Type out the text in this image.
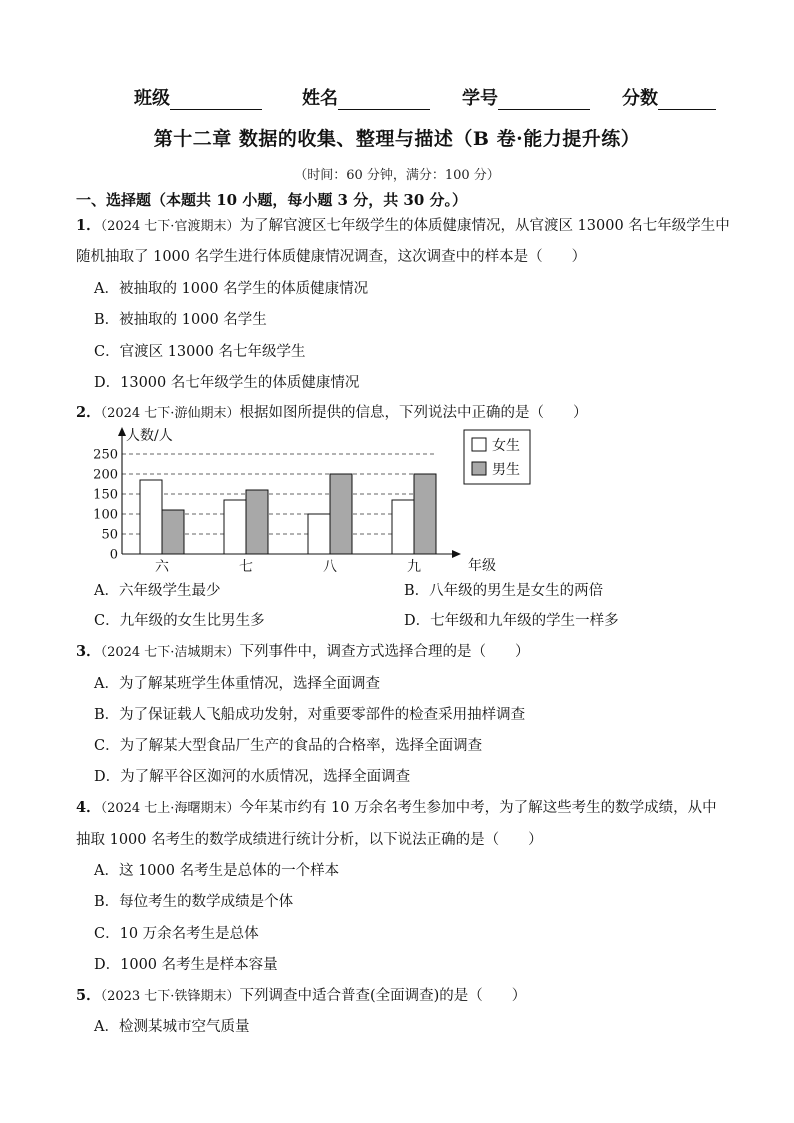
班级	姓名	学号	分数
第十二章 数据的收集、整理与描述（B 卷·能力提升练）
（时间：60 分钟，满分：100 分）
一、选择题（本题共 10 小题，每小题 3 分，共 30 分。）
1．（2024 七下·官渡期末）为了解官渡区七年级学生的体质健康情况，从官渡区 13000 名七年级学生中
随机抽取了 1000 名学生进行体质健康情况调查，这次调查中的样本是（　　）
A．被抽取的 1000 名学生的体质健康情况
B．被抽取的 1000 名学生
C．官渡区 13000 名七年级学生
D．13000 名七年级学生的体质健康情况
2．（2024 七下·游仙期末）根据如图所提供的信息，下列说法中正确的是（　　）
0
50
100
150
200
250
人数/人
年级
六	七	八	九
女生
男生
A．六年级学生最少	B．八年级的男生是女生的两倍
C．九年级的女生比男生多	D．七年级和九年级的学生一样多
3．（2024 七下·洁城期末）下列事件中，调查方式选择合理的是（　　）
A．为了解某班学生体重情况，选择全面调查
B．为了保证载人飞船成功发射，对重要零部件的检查采用抽样调查
C．为了解某大型食品厂生产的食品的合格率，选择全面调查
D．为了解平谷区洳河的水质情况，选择全面调查
4．（2024 七上·海曙期末）今年某市约有 10 万余名考生参加中考，为了解这些考生的数学成绩，从中
抽取 1000 名考生的数学成绩进行统计分析，以下说法正确的是（　　）
A．这 1000 名考生是总体的一个样本
B．每位考生的数学成绩是个体
C．10 万余名考生是总体
D．1000 名考生是样本容量
5．（2023 七下·铁锋期末）下列调查中适合普查(全面调查)的是（　　）
A．检测某城市空气质量
